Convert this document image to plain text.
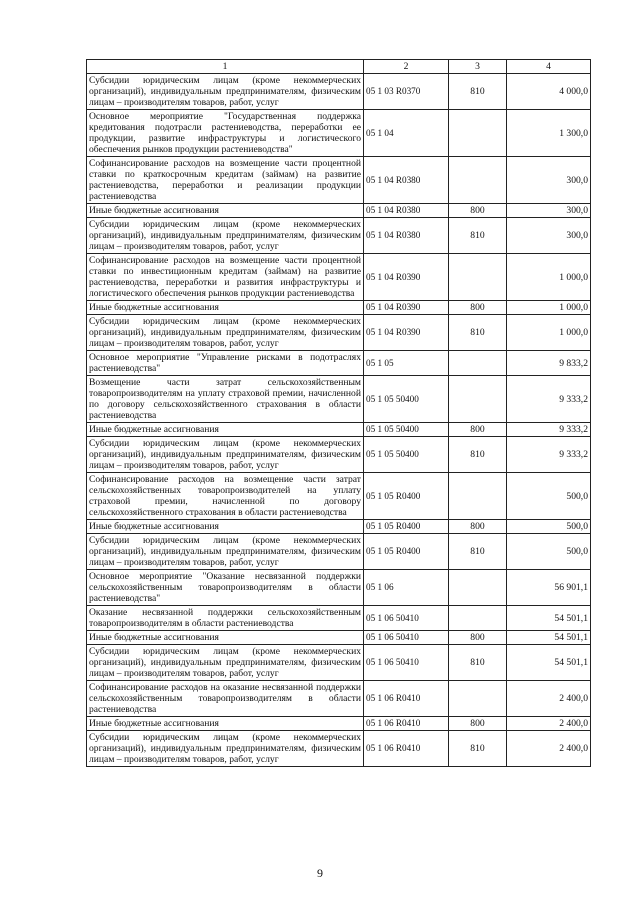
1	2	3	4
Субсидии юридическим лицам (кроме некоммерческих организаций), индивидуальным предпринимателям, физическим лицам – производителям товаров, работ, услуг	05 1 03 R0370	810	4 000,0
Основное мероприятие "Государственная поддержка кредитования подотрасли растениеводства, переработки ее продукции, развитие инфраструктуры и логистического обеспечения рынков продукции растениеводства"	05 1 04		1 300,0
Софинансирование расходов на возмещение части процентной ставки по краткосрочным кредитам (займам) на развитие растениеводства, переработки и реализации продукции растениеводства	05 1 04 R0380		300,0
Иные бюджетные ассигнования	05 1 04 R0380	800	300,0
Субсидии юридическим лицам (кроме некоммерческих организаций), индивидуальным предпринимателям, физическим лицам – производителям товаров, работ, услуг	05 1 04 R0380	810	300,0
Софинансирование расходов на возмещение части процентной ставки по инвестиционным кредитам (займам) на развитие растениеводства, переработки и развития инфраструктуры и логистического обеспечения рынков продукции растениеводства	05 1 04 R0390		1 000,0
Иные бюджетные ассигнования	05 1 04 R0390	800	1 000,0
Субсидии юридическим лицам (кроме некоммерческих организаций), индивидуальным предпринимателям, физическим лицам – производителям товаров, работ, услуг	05 1 04 R0390	810	1 000,0
Основное мероприятие "Управление рисками в подотраслях растениеводства"	05 1 05		9 833,2
Возмещение части затрат сельскохозяйственным товаропроизводителям на уплату страховой премии, начисленной по договору сельскохозяйственного страхования в области растениеводства	05 1 05 50400		9 333,2
Иные бюджетные ассигнования	05 1 05 50400	800	9 333,2
Субсидии юридическим лицам (кроме некоммерческих организаций), индивидуальным предпринимателям, физическим лицам – производителям товаров, работ, услуг	05 1 05 50400	810	9 333,2
Софинансирование расходов на возмещение части затрат сельскохозяйственных товаропроизводителей на уплату страховой премии, начисленной по договору сельскохозяйственного страхования в области растениеводства	05 1 05 R0400		500,0
Иные бюджетные ассигнования	05 1 05 R0400	800	500,0
Субсидии юридическим лицам (кроме некоммерческих организаций), индивидуальным предпринимателям, физическим лицам – производителям товаров, работ, услуг	05 1 05 R0400	810	500,0
Основное мероприятие "Оказание несвязанной поддержки сельскохозяйственным товаропроизводителям в области растениеводства"	05 1 06		56 901,1
Оказание несвязанной поддержки сельскохозяйственным товаропроизводителям в области растениеводства	05 1 06 50410		54 501,1
Иные бюджетные ассигнования	05 1 06 50410	800	54 501,1
Субсидии юридическим лицам (кроме некоммерческих организаций), индивидуальным предпринимателям, физическим лицам – производителям товаров, работ, услуг	05 1 06 50410	810	54 501,1
Софинансирование расходов на оказание несвязанной поддержки сельскохозяйственным товаропроизводителям в области растениеводства	05 1 06 R0410		2 400,0
Иные бюджетные ассигнования	05 1 06 R0410	800	2 400,0
Субсидии юридическим лицам (кроме некоммерческих организаций), индивидуальным предпринимателям, физическим лицам – производителям товаров, работ, услуг	05 1 06 R0410	810	2 400,0
9
